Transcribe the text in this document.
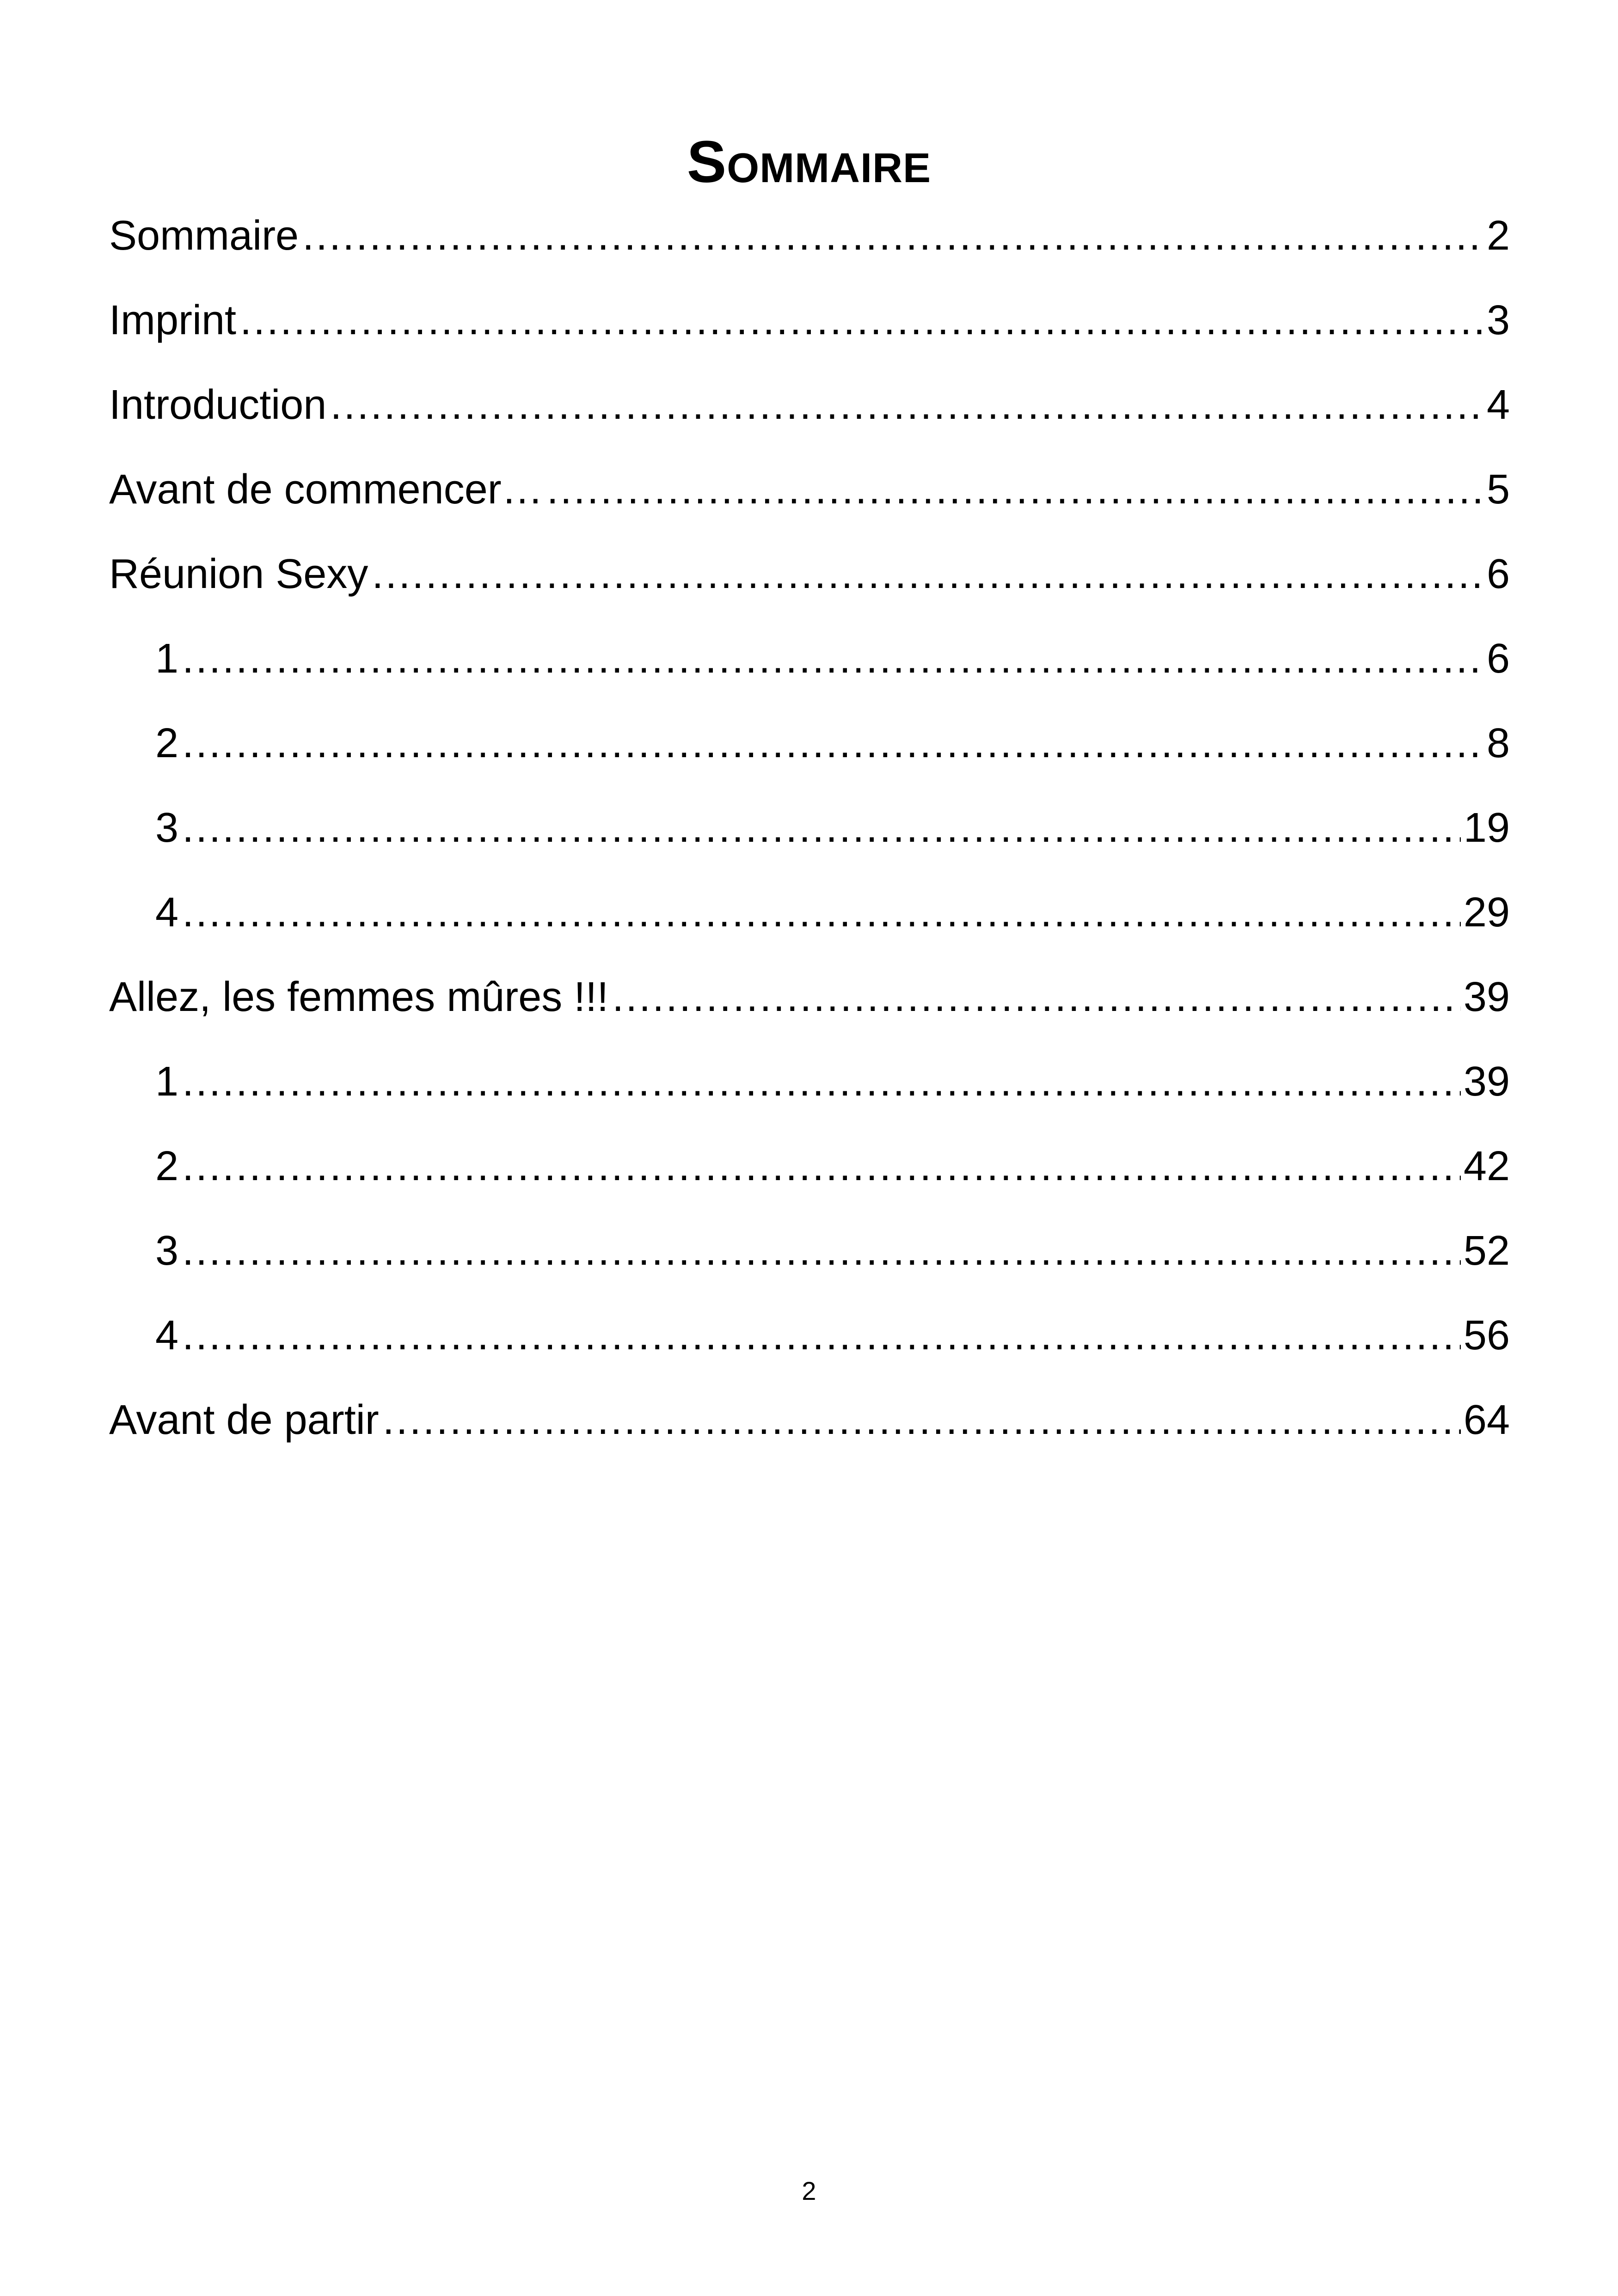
Sommaire
Sommaire .....	2
Imprint .....	3
Introduction .....	4
Avant de commencer… .....	5
Réunion Sexy .....	6
1 .....	6
2 .....	8
3 .....	19
4 .....	29
Allez, les femmes mûres !!! .....	39
1 .....	39
2 .....	42
3 .....	52
4 .....	56
Avant de partir .....	64
2
